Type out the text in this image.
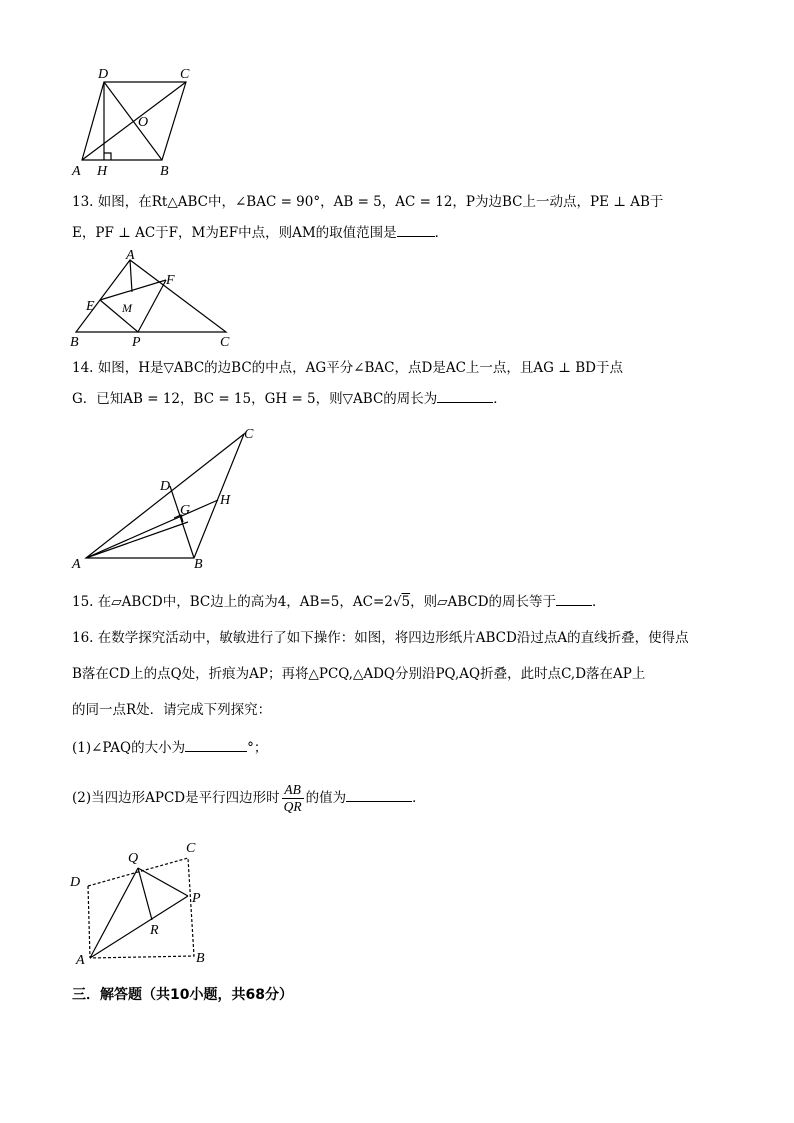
D	C
O
A H	B
13. 如图，在Rt△ABC中，∠BAC = 90°，AB = 5，AC = 12，P为边BC上一动点，PE ⊥ AB于
E，PF ⊥ AC于F，M为EF中点，则AM的取值范围是	．
A
F
E M
B	P	C
14. 如图，H是▽ABC的边BC的中点，AG平分∠BAC，点D是AC上一点，且AG ⊥ BD于点
G．已知AB = 12，BC = 15，GH = 5，则▽ABC的周长为	．
C
D
G
H
A	B
15. 在▱ABCD中，BC边上的高为4，AB=5，AC=2√5，则▱ABCD的周长等于	．
16. 在数学探究活动中，敏敏进行了如下操作：如图，将四边形纸片ABCD沿过点A的直线折叠，使得点
B落在CD上的点Q处，折痕为AP；再将△PCQ,△ADQ分别沿PQ,AQ折叠，此时点C,D落在AP上
的同一点R处．请完成下列探究：
(1)∠PAQ的大小为	°；
(2)当四边形APCD是平行四边形时 $\frac{AB}{QR}$ 的值为	．
Q
C
D
P
R
A	B
三．解答题（共10小题，共68分）
